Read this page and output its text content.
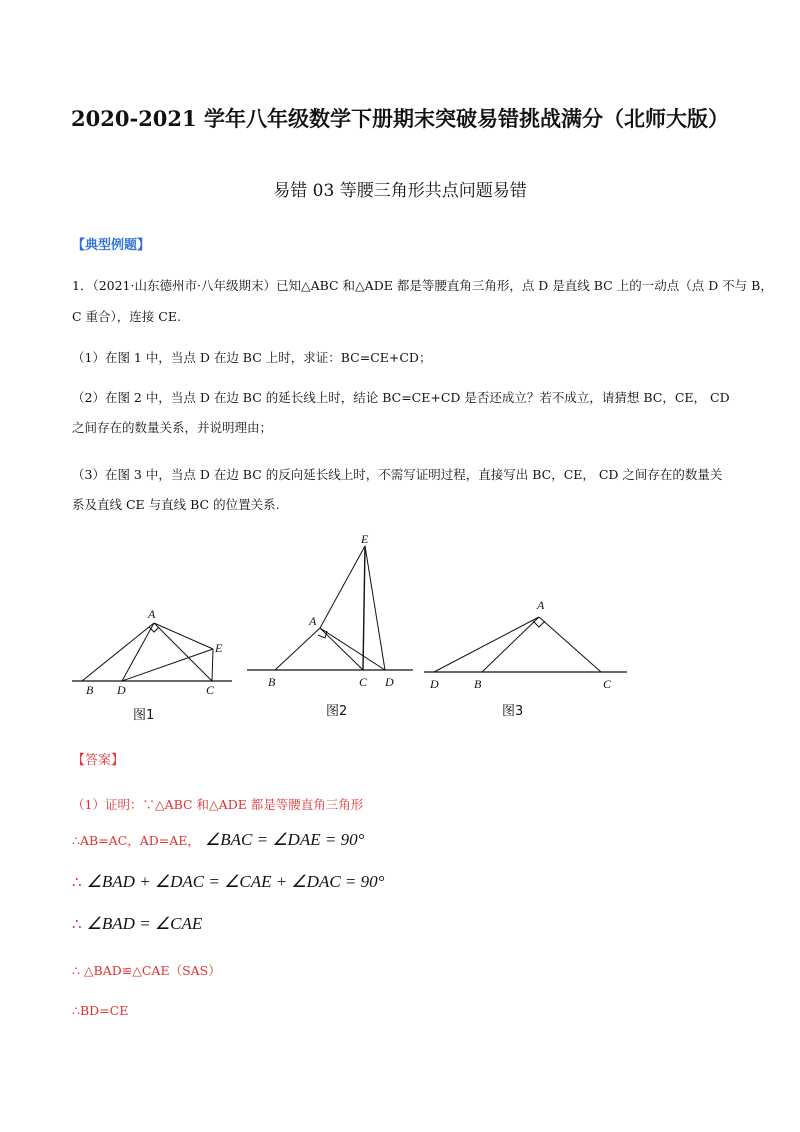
2020-2021 学年八年级数学下册期末突破易错挑战满分（北师大版）
易错 03 等腰三角形共点问题易错
【典型例题】
1．（2021·山东德州市·八年级期末）已知△ABC 和△ADE 都是等腰直角三角形，点 D 是直线 BC 上的一动点（点 D 不与 B，
C 重合），连接 CE.
（1）在图 1 中，当点 D 在边 BC 上时，求证：BC=CE+CD；
（2）在图 2 中，当点 D 在边 BC 的延长线上时，结论 BC=CE+CD 是否还成立？若不成立，请猜想 BC，CE， CD 之间存在的数量关系，并说明理由；
（3）在图 3 中，当点 D 在边 BC 的反向延长线上时，不需写证明过程，直接写出 BC，CE， CD 之间存在的数量关系及直线 CE 与直线 BC 的位置关系.
A
B D	C
E
图1
E
A
B	C D
图2
A
D	B	C
图3
【答案】
（1）证明：∵△ABC 和△ADE 都是等腰直角三角形
∴AB=AC，AD=AE， ∠BAC = ∠DAE = 90°
∴ ∠BAD + ∠DAC = ∠CAE + ∠DAC = 90°
∴ ∠BAD = ∠CAE
∴ △BAD≌△CAE（SAS）
∴BD=CE
